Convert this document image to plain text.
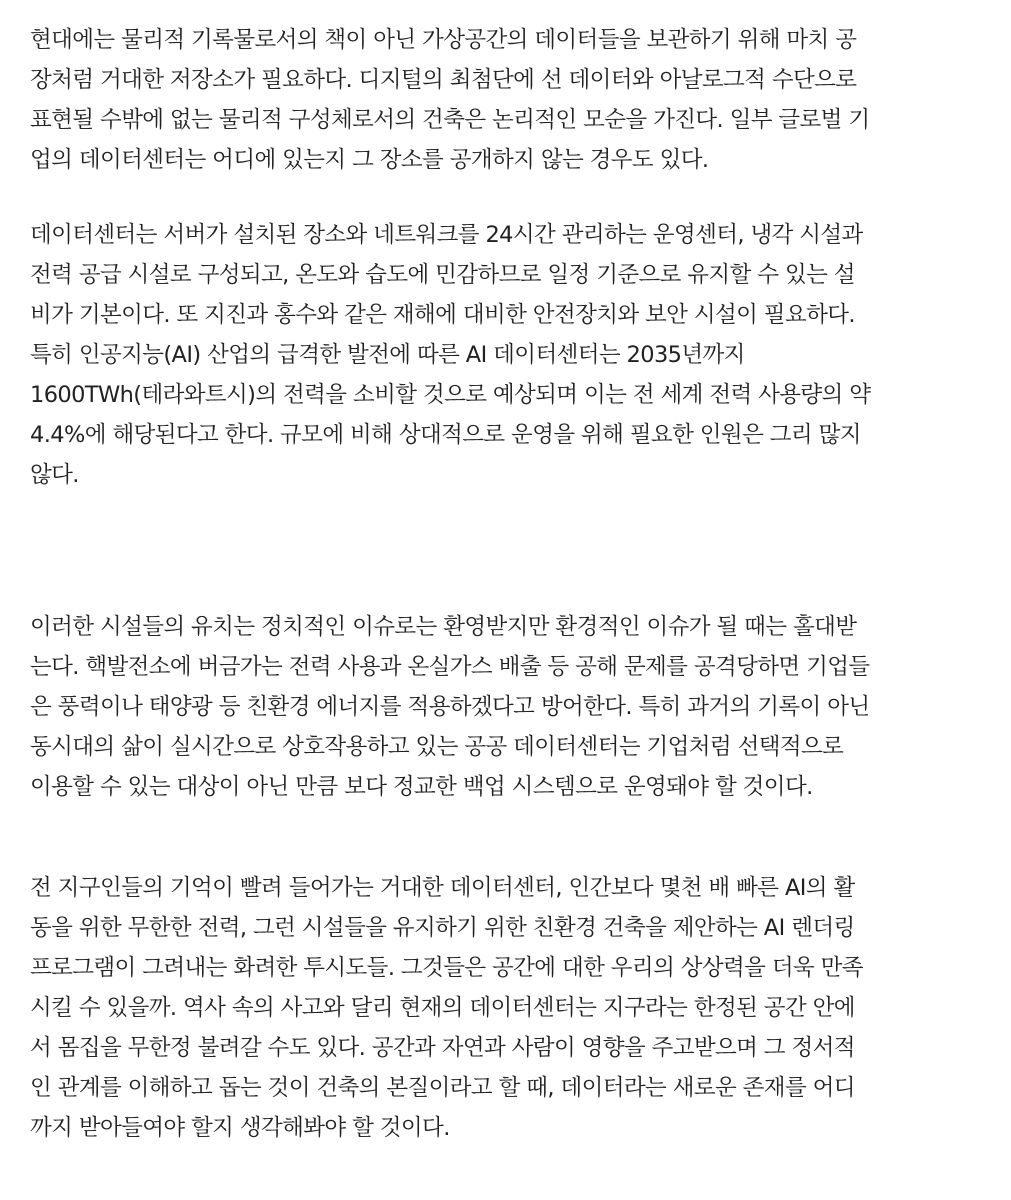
현대에는 물리적 기록물로서의 책이 아닌 가상공간의 데이터들을 보관하기 위해 마치 공
장처럼 거대한 저장소가 필요하다. 디지털의 최첨단에 선 데이터와 아날로그적 수단으로
표현될 수밖에 없는 물리적 구성체로서의 건축은 논리적인 모순을 가진다. 일부 글로벌 기
업의 데이터센터는 어디에 있는지 그 장소를 공개하지 않는 경우도 있다.
데이터센터는 서버가 설치된 장소와 네트워크를 24시간 관리하는 운영센터, 냉각 시설과
전력 공급 시설로 구성되고, 온도와 습도에 민감하므로 일정 기준으로 유지할 수 있는 설
비가 기본이다. 또 지진과 홍수와 같은 재해에 대비한 안전장치와 보안 시설이 필요하다.
특히 인공지능(AI) 산업의 급격한 발전에 따른 AI 데이터센터는 2035년까지
1600TWh(테라와트시)의 전력을 소비할 것으로 예상되며 이는 전 세계 전력 사용량의 약
4.4%에 해당된다고 한다. 규모에 비해 상대적으로 운영을 위해 필요한 인원은 그리 많지
않다.
이러한 시설들의 유치는 정치적인 이슈로는 환영받지만 환경적인 이슈가 될 때는 홀대받
는다. 핵발전소에 버금가는 전력 사용과 온실가스 배출 등 공해 문제를 공격당하면 기업들
은 풍력이나 태양광 등 친환경 에너지를 적용하겠다고 방어한다. 특히 과거의 기록이 아닌
동시대의 삶이 실시간으로 상호작용하고 있는 공공 데이터센터는 기업처럼 선택적으로
이용할 수 있는 대상이 아닌 만큼 보다 정교한 백업 시스템으로 운영돼야 할 것이다.
전 지구인들의 기억이 빨려 들어가는 거대한 데이터센터, 인간보다 몇천 배 빠른 AI의 활
동을 위한 무한한 전력, 그런 시설들을 유지하기 위한 친환경 건축을 제안하는 AI 렌더링
프로그램이 그려내는 화려한 투시도들. 그것들은 공간에 대한 우리의 상상력을 더욱 만족
시킬 수 있을까. 역사 속의 사고와 달리 현재의 데이터센터는 지구라는 한정된 공간 안에
서 몸집을 무한정 불려갈 수도 있다. 공간과 자연과 사람이 영향을 주고받으며 그 정서적
인 관계를 이해하고 돕는 것이 건축의 본질이라고 할 때, 데이터라는 새로운 존재를 어디
까지 받아들여야 할지 생각해봐야 할 것이다.
